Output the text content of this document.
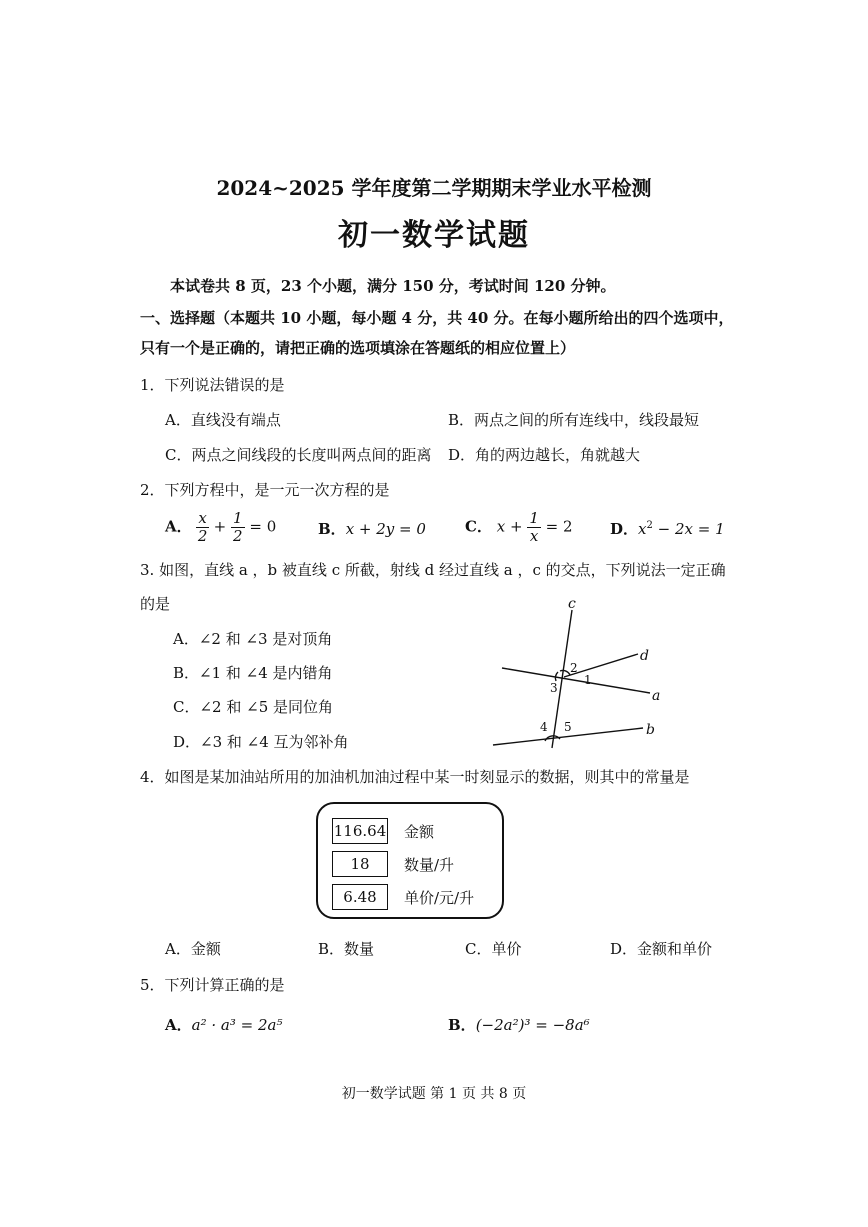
2024~2025 学年度第二学期期末学业水平检测
初一数学试题
本试卷共 8 页，23 个小题，满分 150 分，考试时间 120 分钟。
一、选择题（本题共 10 小题，每小题 4 分，共 40 分。在每小题所给出的四个选项中，
只有一个是正确的，请把正确的选项填涂在答题纸的相应位置上）
1．下列说法错误的是
A．直线没有端点	B．两点之间的所有连线中，线段最短
C．两点之间线段的长度叫两点间的距离 D．角的两边越长，角就越大
2．下列方程中，是一元一次方程的是
A． $\frac{x}{2} + \frac{1}{2} = 0$	B．x + 2y = 0	C． $x + \frac{1}{x} = 2$ D．$x^2 - 2x = 1$
3. 如图，直线 a ，b 被直线 c 所截，射线 d 经过直线 a ，c 的交点，下列说法一定正确
的是
A．∠2 和 ∠3 是对顶角
B．∠1 和 ∠4 是内错角
C．∠2 和 ∠5 是同位角
D．∠3 和 ∠4 互为邻补角
c
d
a
b
2
3
1
4 5
4．如图是某加油站所用的加油机加油过程中某一时刻显示的数据，则其中的常量是
116.64 金额
18	数量/升
6.48	单价/元/升
A．金额	B．数量	C．单价	D．金额和单价
5．下列计算正确的是
A．a² · a³ = 2a⁵	B．(−2a²)³ = −8a⁶
初一数学试题 第 1 页 共 8 页
